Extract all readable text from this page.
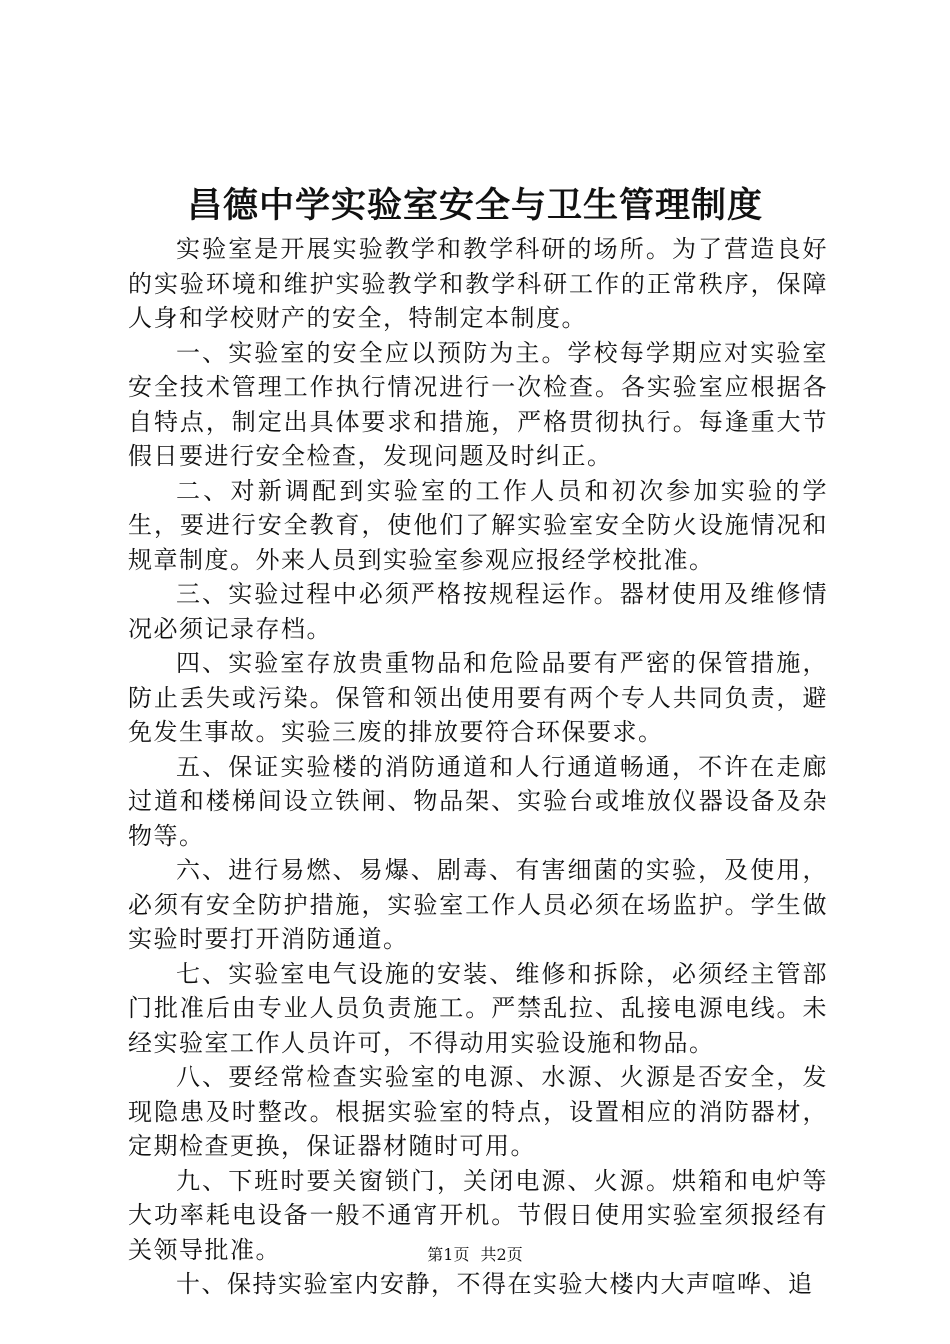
昌德中学实验室安全与卫生管理制度

实验室是开展实验教学和教学科研的场所。为了营造良好的实验环境和维护实验教学和教学科研工作的正常秩序，保障人身和学校财产的安全，特制定本制度。

一、实验室的安全应以预防为主。学校每学期应对实验室安全技术管理工作执行情况进行一次检查。各实验室应根据各自特点，制定出具体要求和措施，严格贯彻执行。每逢重大节假日要进行安全检查，发现问题及时纠正。

二、对新调配到实验室的工作人员和初次参加实验的学生，要进行安全教育，使他们了解实验室安全防火设施情况和规章制度。外来人员到实验室参观应报经学校批准。

三、实验过程中必须严格按规程运作。器材使用及维修情况必须记录存档。

四、实验室存放贵重物品和危险品要有严密的保管措施，防止丢失或污染。保管和领出使用要有两个专人共同负责，避免发生事故。实验三废的排放要符合环保要求。

五、保证实验楼的消防通道和人行通道畅通，不许在走廊过道和楼梯间设立铁闸、物品架、实验台或堆放仪器设备及杂物等。

六、进行易燃、易爆、剧毒、有害细菌的实验，及使用，必须有安全防护措施，实验室工作人员必须在场监护。学生做实验时要打开消防通道。

七、实验室电气设施的安装、维修和拆除，必须经主管部门批准后由专业人员负责施工。严禁乱拉、乱接电源电线。未经实验室工作人员许可，不得动用实验设施和物品。

八、要经常检查实验室的电源、水源、火源是否安全，发现隐患及时整改。根据实验室的特点，设置相应的消防器材，定期检查更换，保证器材随时可用。

九、下班时要关窗锁门，关闭电源、火源。烘箱和电炉等大功率耗电设备一般不通宵开机。节假日使用实验室须报经有关领导批准。

十、保持实验室内安静，不得在实验大楼内大声喧哗、追

第1页 共2页
